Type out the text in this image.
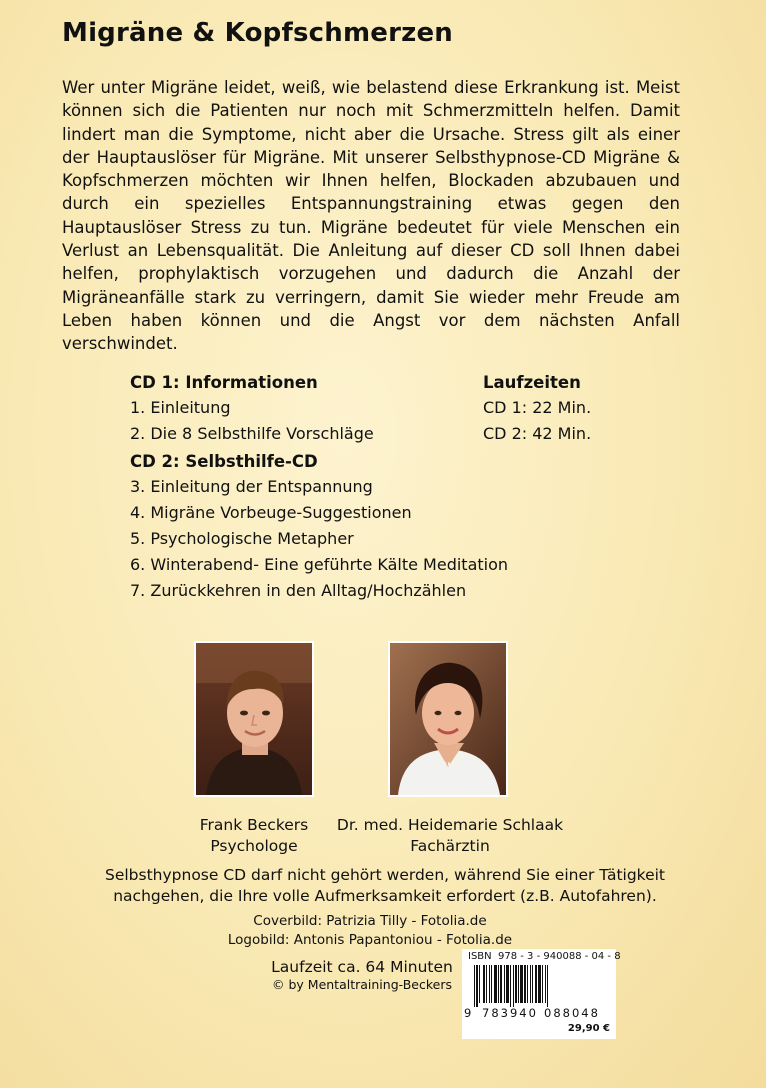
Migräne & Kopfschmerzen

Wer unter Migräne leidet, weiß, wie belastend diese Erkrankung ist. Meist können sich die Patienten nur noch mit Schmerzmitteln helfen. Damit lindert man die Symptome, nicht aber die Ursache. Stress gilt als einer der Hauptauslöser für Migräne. Mit unserer Selbsthypnose-CD Migräne & Kopfschmerzen möchten wir Ihnen helfen, Blockaden abzubauen und durch ein spezielles Entspannungstraining etwas gegen den Hauptauslöser Stress zu tun. Migräne bedeutet für viele Menschen ein Verlust an Lebensqualität. Die Anleitung auf dieser CD soll Ihnen dabei helfen, prophylaktisch vorzugehen und dadurch die Anzahl der Migräneanfälle stark zu verringern, damit Sie wieder mehr Freude am Leben haben können und die Angst vor dem nächsten Anfall verschwindet.

CD 1: Informationen
1. Einleitung
2. Die 8 Selbsthilfe Vorschläge
CD 2: Selbsthilfe-CD
3. Einleitung der Entspannung
4. Migräne Vorbeuge-Suggestionen
5. Psychologische Metapher
6. Winterabend- Eine geführte Kälte Meditation
7. Zurückkehren in den Alltag/Hochzählen
Laufzeiten
CD 1: 22 Min.
CD 2: 42 Min.
Frank Beckers
Psychologe
Dr. med. Heidemarie Schlaak
Fachärztin

Selbsthypnose CD darf nicht gehört werden, während Sie einer Tätigkeit nachgehen, die Ihre volle Aufmerksamkeit erfordert (z.B. Autofahren).

Coverbild: Patrizia Tilly - Fotolia.de
Logobild: Antonis Papantoniou - Fotolia.de
Laufzeit ca. 64 Minuten
© by Mentaltraining-Beckers
ISBN  978 - 3 - 940088 - 04 - 8
9 783940 088048
29,90 €
